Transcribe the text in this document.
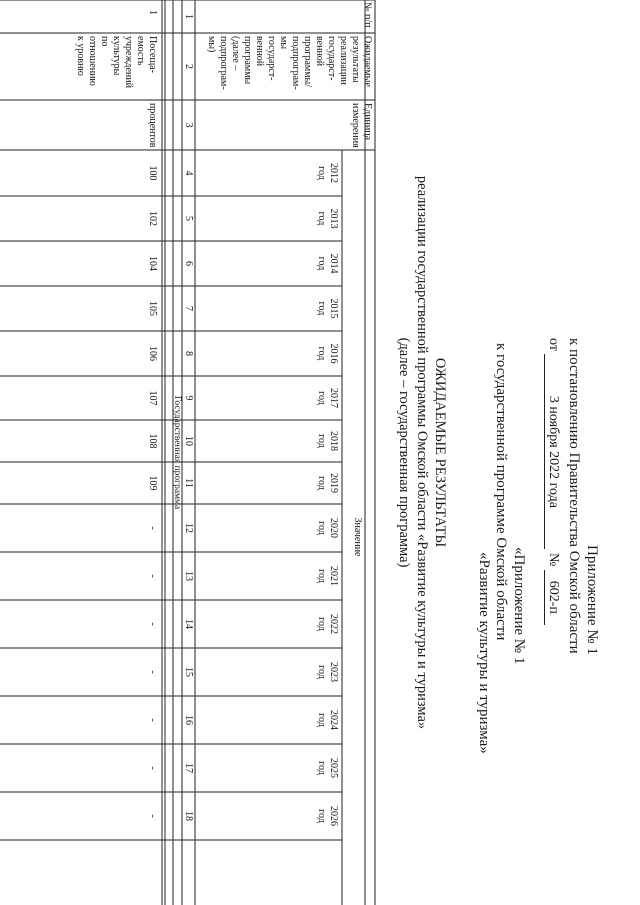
Приложение № 1
к постановлению Правительства Омской области
от 3 ноября 2022 года № 602-п
«Приложение № 1
к государственной программе Омской области
«Развитие культуры и туризма»
ОЖИДАЕМЫЕ РЕЗУЛЬТАТЫ
реализации государственной программы Омской области «Развитие культуры и туризма»
(далее – государственная программа)
№ п/п
Ожидаемые
результаты
реализации
государст-
венной
программы/
подпрограм-
мы
государст-
венной
программы
(далее –
подпрограм-
мы)
Единица
измерения
Значение
2012
год
2013
год
2014
год
2015
год
2016
год
2017
год
2018
год
2019
год
2020
год
2021
год
2022
год
2023
год
2024
год
2025
год
2026
год
1
2
3
4
5
6
7
8
9
10
11
12
13
14
15
16
17
18
Государственная программа
1
Посеща-
емость
учреждений
культуры
по
отношению
к уровню
процентов
100
102
104
105
106
107
108
109
-
-
-
-
-
-
-
